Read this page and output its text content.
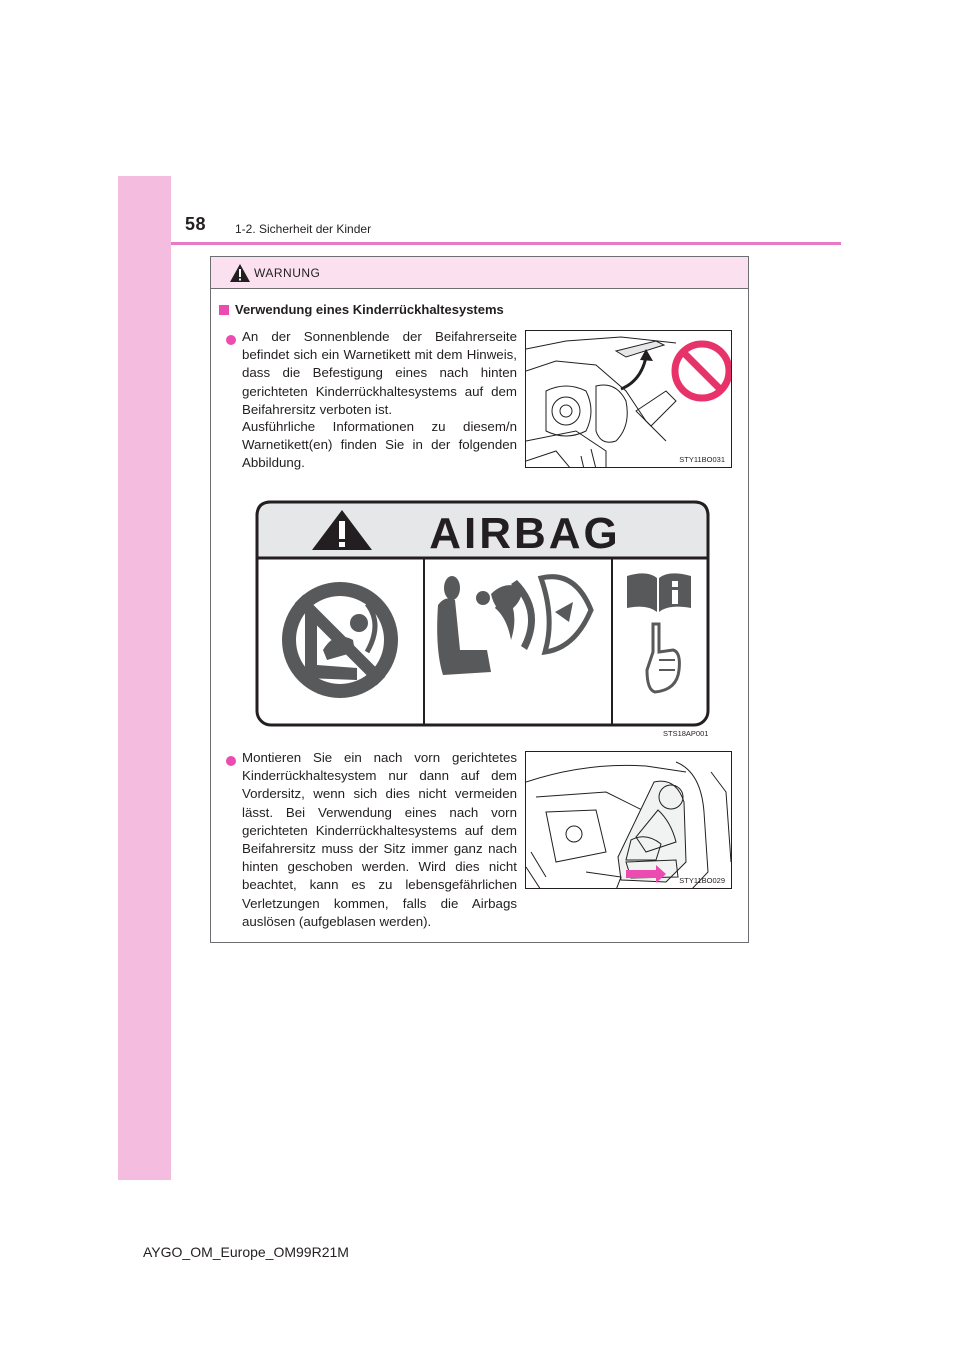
58 1-2. Sicherheit der Kinder
WARNUNG
Verwendung eines Kinderrückhaltesystems
An der Sonnenblende der Beifahrerseite befindet sich ein Warnetikett mit dem Hinweis, dass die Befestigung eines nach hinten gerichteten Kinderrückhaltesystems auf dem Beifahrersitz verboten ist.
Ausführliche Informationen zu diesem/n Warnetikett(en) finden Sie in der folgenden Abbildung.	STY11BO031
AIRBAG
STS18AP001
Montieren Sie ein nach vorn gerichtetes Kinderrückhaltesystem nur dann auf dem Vordersitz, wenn sich dies nicht vermeiden lässt. Bei Verwendung eines nach vorn gerichteten Kinderrückhaltesystems auf dem Beifahrersitz muss der Sitz immer ganz nach hinten geschoben werden. Wird dies nicht beachtet, kann es zu lebensgefährlichen Verletzungen kommen, falls die Airbags auslösen (aufgeblasen werden).
STY11BO029
AYGO_OM_Europe_OM99R21M
